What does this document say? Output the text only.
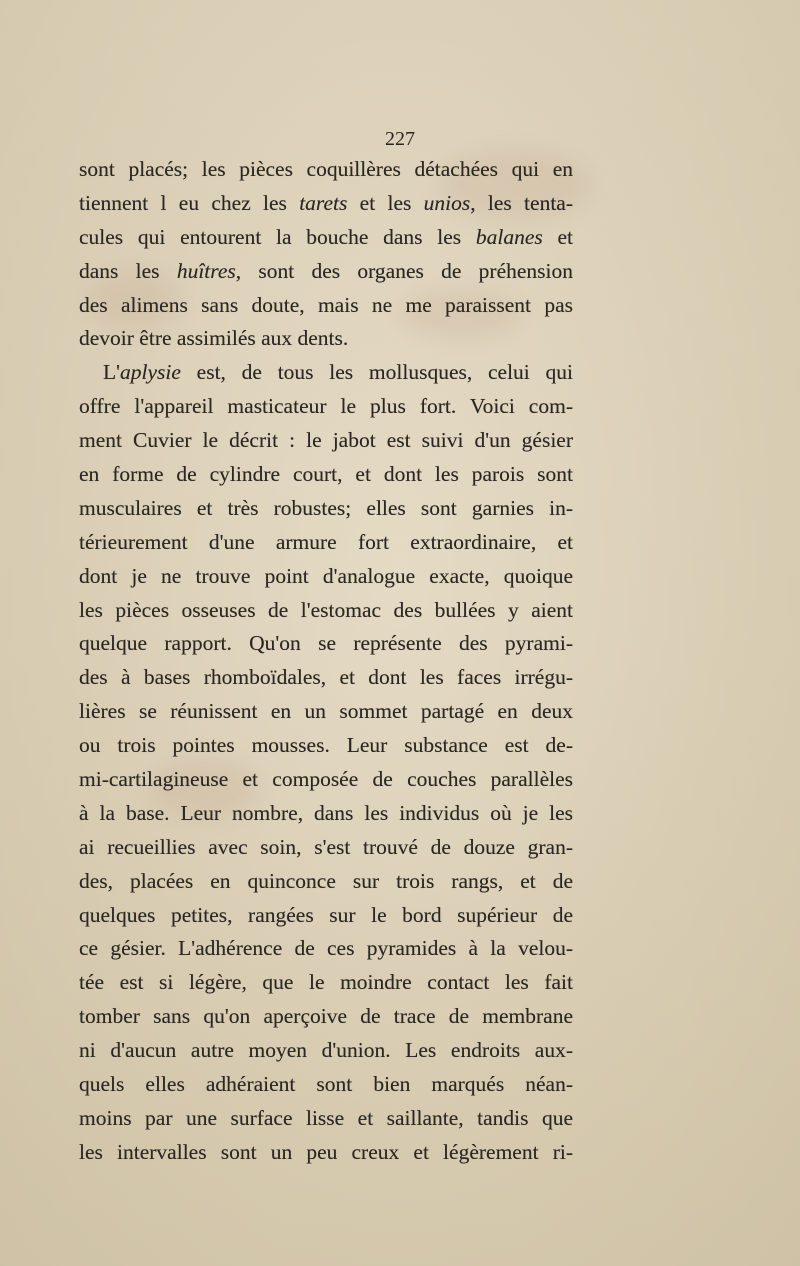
227
sont placés; les pièces coquillères détachées qui en
tiennent l eu chez les tarets et les unios, les tenta-
cules qui entourent la bouche dans les balanes et
dans les huîtres, sont des organes de préhension
des alimens sans doute, mais ne me paraissent pas
devoir être assimilés aux dents.
L'aplysie est, de tous les mollusques, celui qui
offre l'appareil masticateur le plus fort. Voici com-
ment Cuvier le décrit : le jabot est suivi d'un gésier
en forme de cylindre court, et dont les parois sont
musculaires et très robustes; elles sont garnies in-
térieurement d'une armure fort extraordinaire, et
dont je ne trouve point d'analogue exacte, quoique
les pièces osseuses de l'estomac des bullées y aient
quelque rapport. Qu'on se représente des pyrami-
des à bases rhomboïdales, et dont les faces irrégu-
lières se réunissent en un sommet partagé en deux
ou trois pointes mousses. Leur substance est de-
mi-cartilagineuse et composée de couches parallèles
à la base. Leur nombre, dans les individus où je les
ai recueillies avec soin, s'est trouvé de douze gran-
des, placées en quinconce sur trois rangs, et de
quelques petites, rangées sur le bord supérieur de
ce gésier. L'adhérence de ces pyramides à la velou-
tée est si légère, que le moindre contact les fait
tomber sans qu'on aperçoive de trace de membrane
ni d'aucun autre moyen d'union. Les endroits aux-
quels elles adhéraient sont bien marqués néan-
moins par une surface lisse et saillante, tandis que
les intervalles sont un peu creux et légèrement ri-
